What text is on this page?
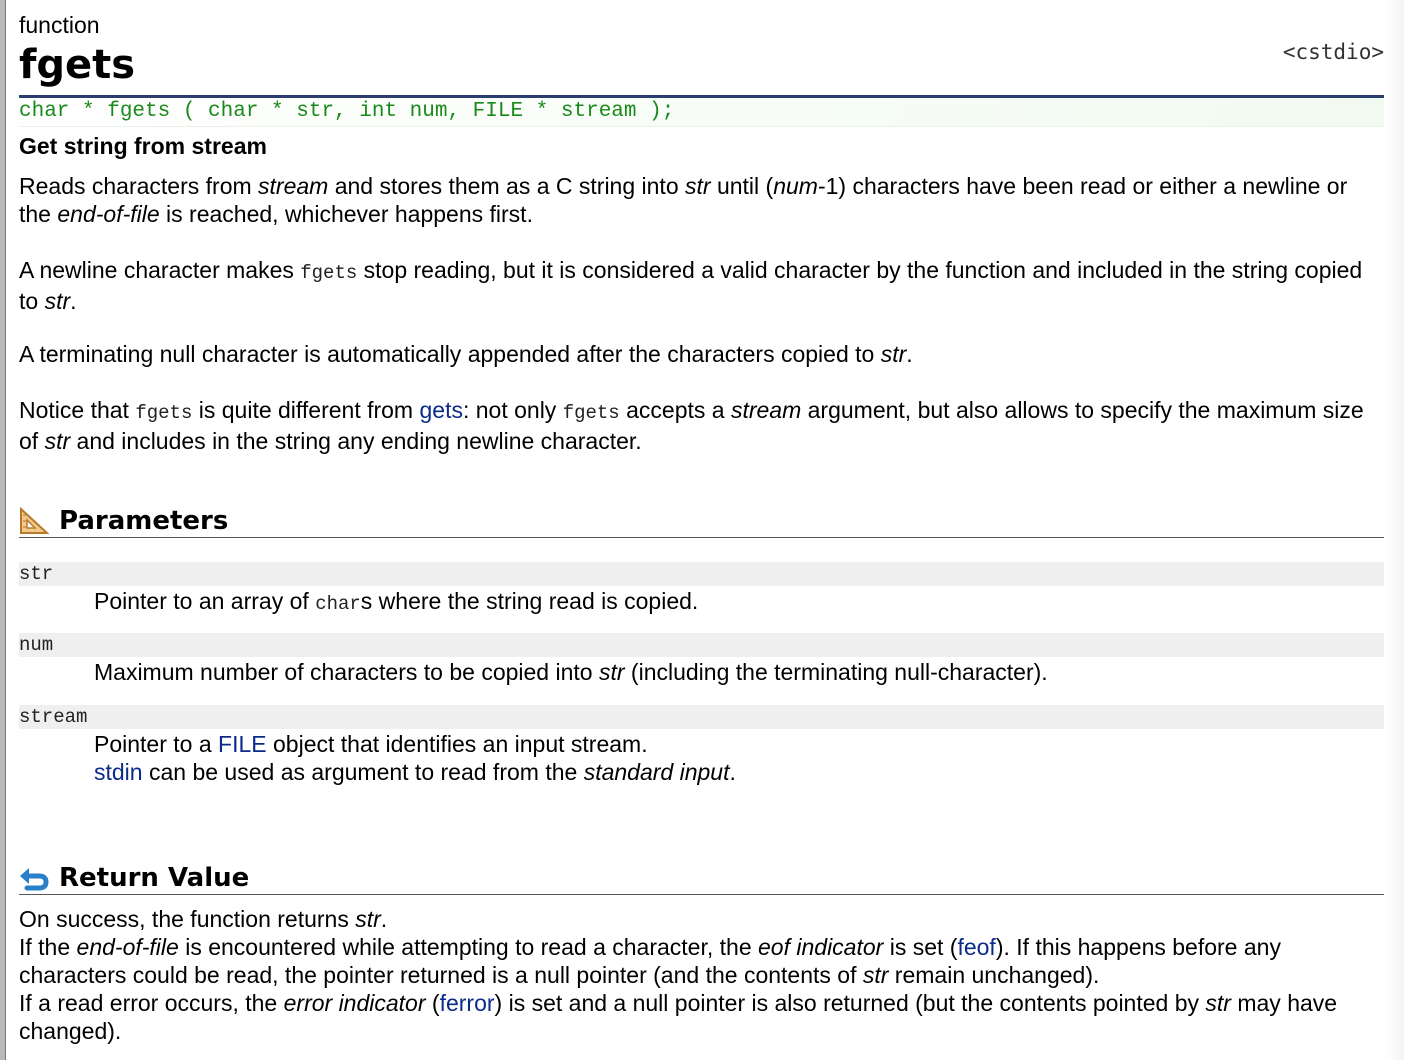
function
fgets	<cstdio>
char * fgets ( char * str, int num, FILE * stream );
Get string from stream
Reads characters from stream and stores them as a C string into str until (num-1) characters have been read or either a newline or the end-of-file is reached, whichever happens first.
A newline character makes fgets stop reading, but it is considered a valid character by the function and included in the string copied to str.
A terminating null character is automatically appended after the characters copied to str.
Notice that fgets is quite different from gets: not only fgets accepts a stream argument, but also allows to specify the maximum size of str and includes in the string any ending newline character.
Parameters
str
Pointer to an array of chars where the string read is copied.
num
Maximum number of characters to be copied into str (including the terminating null-character).
stream
Pointer to a FILE object that identifies an input stream.
stdin can be used as argument to read from the standard input.
Return Value
On success, the function returns str.
If the end-of-file is encountered while attempting to read a character, the eof indicator is set (feof). If this happens before any characters could be read, the pointer returned is a null pointer (and the contents of str remain unchanged).
If a read error occurs, the error indicator (ferror) is set and a null pointer is also returned (but the contents pointed by str may have changed).
